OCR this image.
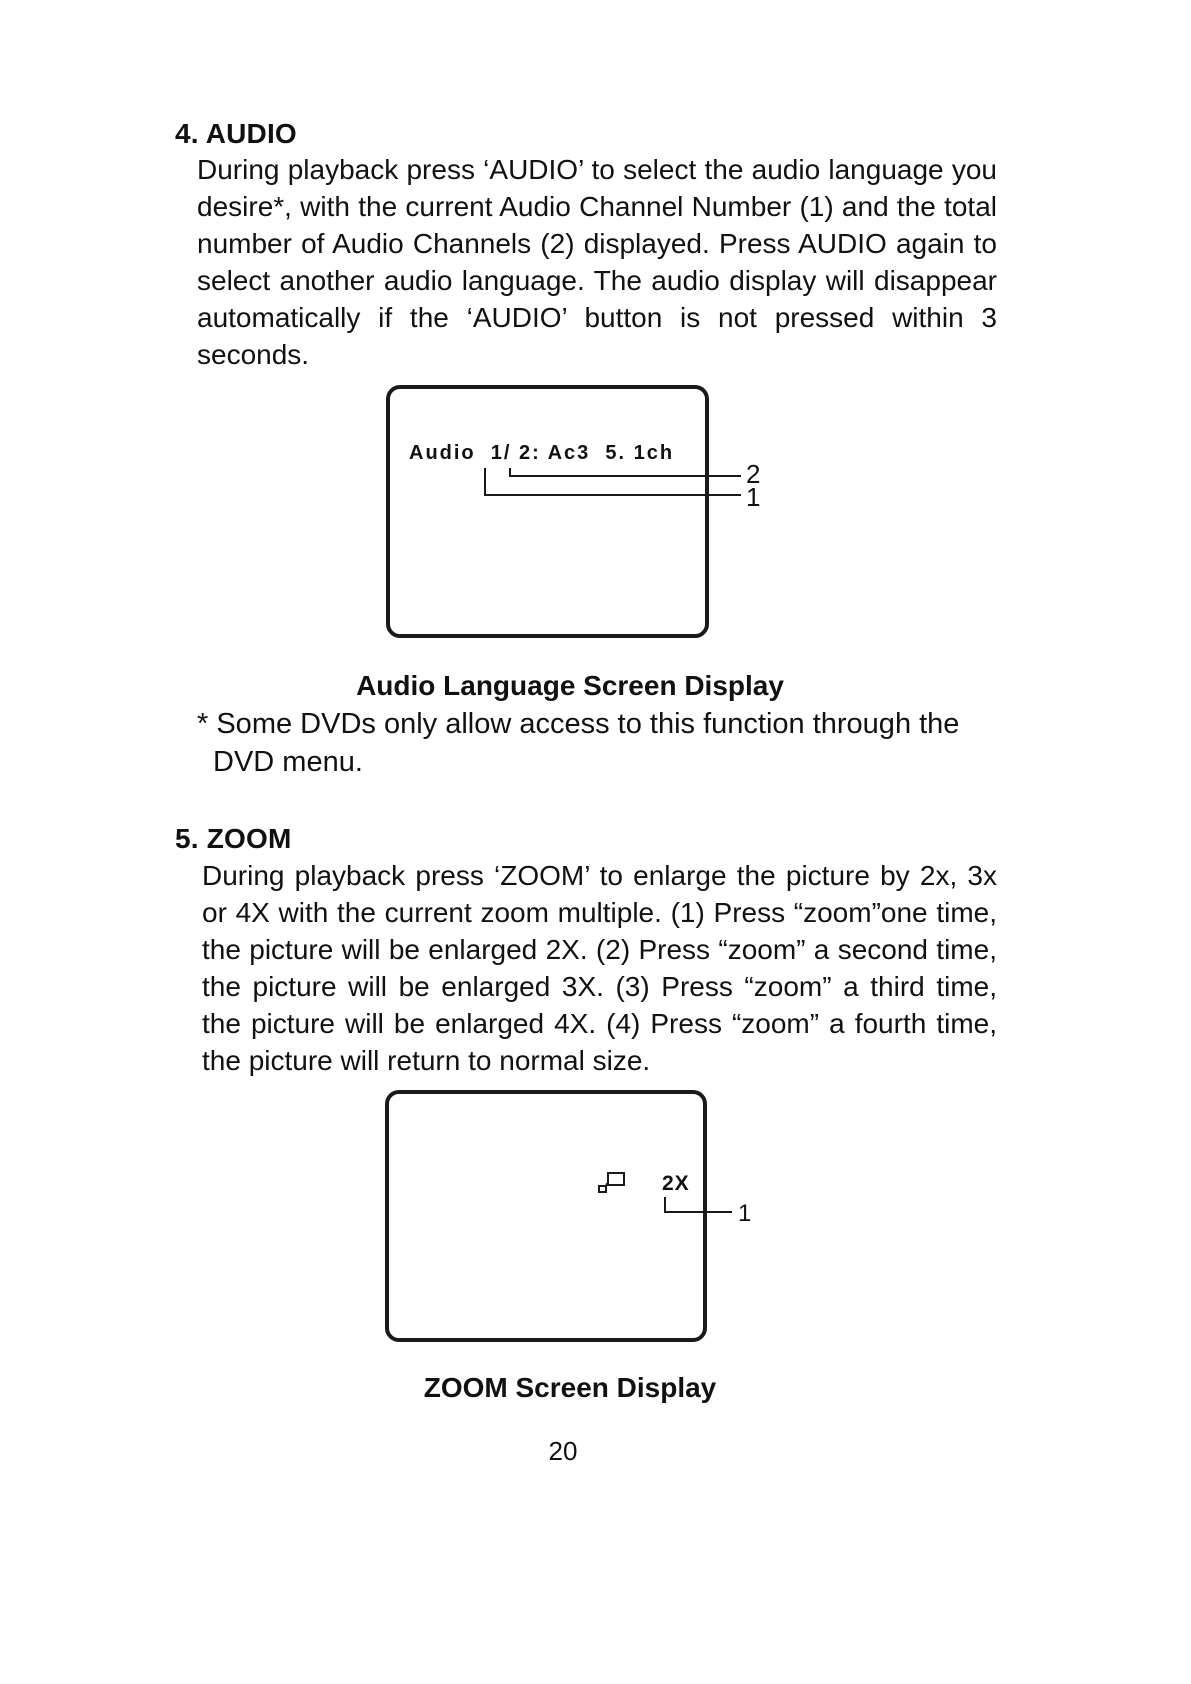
4. AUDIO
During playback press ‘AUDIO’ to select the audio language you desire*, with the current Audio Channel Number (1) and the total number of Audio Channels (2) displayed. Press AUDIO again to select another audio language. The audio display will disappear automatically if the ‘AUDIO’ button is not pressed within 3 seconds.
Audio  1/ 2: Ac3  5. 1ch
2
1
Audio Language Screen Display
* Some DVDs only allow access to this function through the DVD menu.
5. ZOOM
During playback press ‘ZOOM’ to enlarge the picture by 2x, 3x or 4X with the current zoom multiple. (1) Press “zoom”one time, the picture will be enlarged 2X. (2) Press “zoom” a second time, the picture will be enlarged 3X. (3) Press “zoom” a third time, the picture will be enlarged 4X. (4) Press “zoom” a fourth time, the picture will return to normal size.
2X
1
ZOOM Screen Display
20
